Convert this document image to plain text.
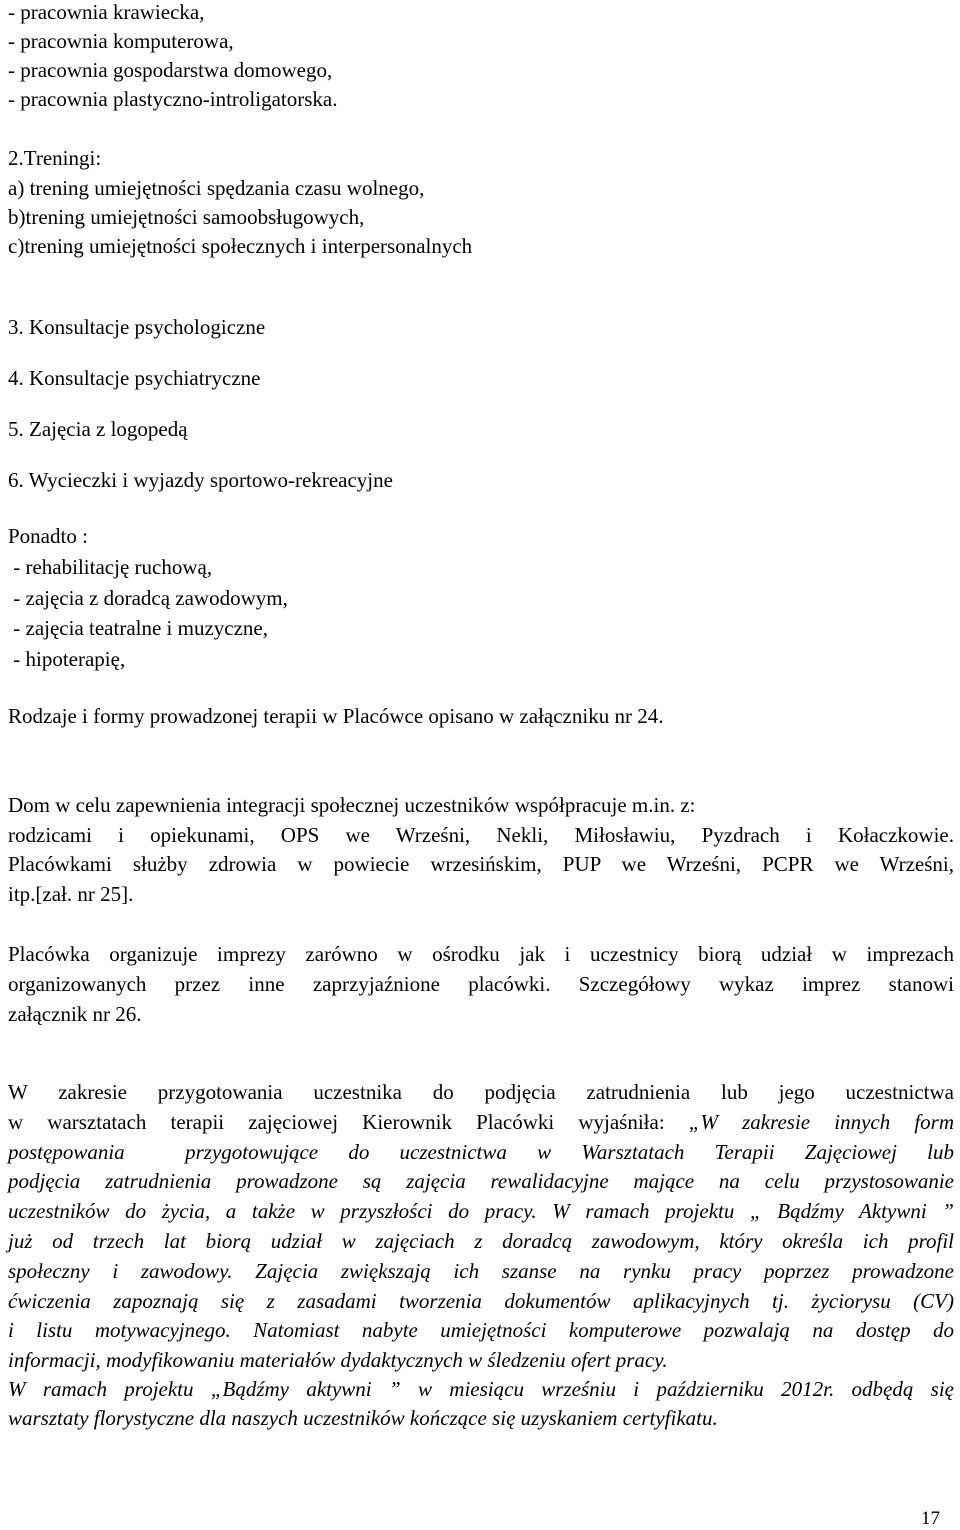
- pracownia krawiecka,
- pracownia komputerowa,
- pracownia gospodarstwa domowego,
- pracownia plastyczno-introligatorska.
2.Treningi:
a) trening umiejętności spędzania czasu wolnego,
b)trening umiejętności samoobsługowych,
c)trening umiejętności społecznych i interpersonalnych
3. Konsultacje psychologiczne
4. Konsultacje psychiatryczne
5. Zajęcia z logopedą
6. Wycieczki i wyjazdy sportowo-rekreacyjne
Ponadto :
- rehabilitację ruchową,
- zajęcia z doradcą zawodowym,
- zajęcia teatralne i muzyczne,
- hipoterapię,
Rodzaje i formy prowadzonej terapii w Placówce opisano w załączniku nr 24.
Dom w celu zapewnienia integracji społecznej uczestników współpracuje m.in. z:
rodzicami i opiekunami, OPS we Wrześni, Nekli, Miłosławiu, Pyzdrach i Kołaczkowie.
Placówkami służby zdrowia w powiecie wrzesińskim, PUP we Wrześni, PCPR we Wrześni,
itp.[zał. nr 25].
Placówka organizuje imprezy zarówno w ośrodku jak i uczestnicy biorą udział w imprezach
organizowanych przez inne zaprzyjaźnione placówki. Szczegółowy wykaz imprez stanowi
załącznik nr 26.
W zakresie przygotowania uczestnika do podjęcia zatrudnienia lub jego uczestnictwa
w warsztatach terapii zajęciowej Kierownik Placówki wyjaśniła: „W zakresie innych form
postępowania  przygotowujące do uczestnictwa w Warsztatach Terapii Zajęciowej lub
podjęcia zatrudnienia prowadzone są zajęcia rewalidacyjne mające na celu przystosowanie
uczestników do życia, a także w przyszłości do pracy. W ramach projektu „ Bądźmy Aktywni ”
już od trzech lat biorą udział w zajęciach z doradcą zawodowym, który określa ich profil
społeczny i zawodowy. Zajęcia zwiększają ich szanse na rynku pracy poprzez prowadzone
ćwiczenia zapoznają się z zasadami tworzenia dokumentów aplikacyjnych tj. życiorysu (CV)
i listu motywacyjnego. Natomiast nabyte umiejętności komputerowe pozwalają na dostęp do
informacji, modyfikowaniu materiałów dydaktycznych w śledzeniu ofert pracy.
W ramach projektu „Bądźmy aktywni ” w miesiącu wrześniu i październiku 2012r. odbędą się
warsztaty florystyczne dla naszych uczestników kończące się uzyskaniem certyfikatu.
17
